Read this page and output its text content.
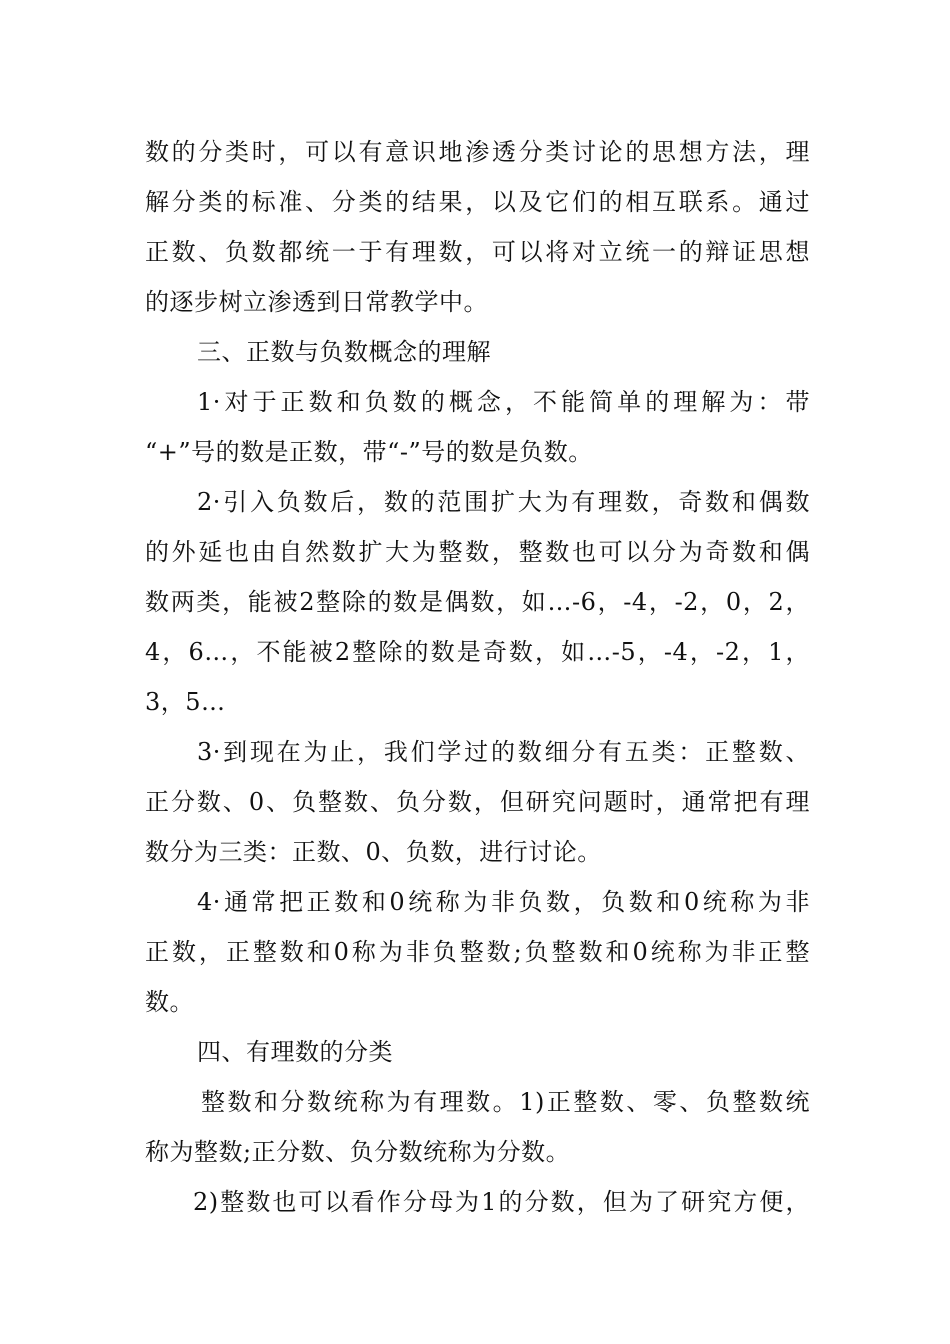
数的分类时，可以有意识地渗透分类讨论的思想方法，理
解分类的标准、分类的结果，以及它们的相互联系。通过
正数、负数都统一于有理数，可以将对立统一的辩证思想
的逐步树立渗透到日常教学中。
三、正数与负数概念的理解
1·对于正数和负数的概念，不能简单的理解为：带
“+”号的数是正数，带“-”号的数是负数。
2·引入负数后，数的范围扩大为有理数，奇数和偶数
的外延也由自然数扩大为整数，整数也可以分为奇数和偶
数两类，能被2整除的数是偶数，如…-6，-4，-2，0，2，
4，6…，不能被2整除的数是奇数，如…-5，-4，-2，1，
3，5…
3·到现在为止，我们学过的数细分有五类：正整数、
正分数、0、负整数、负分数，但研究问题时，通常把有理
数分为三类：正数、0、负数，进行讨论。
4·通常把正数和0统称为非负数，负数和0统称为非
正数，正整数和0称为非负整数;负整数和0统称为非正整
数。
四、有理数的分类
整数和分数统称为有理数。1)正整数、零、负整数统
称为整数;正分数、负分数统称为分数。
2)整数也可以看作分母为1的分数，但为了研究方便，
